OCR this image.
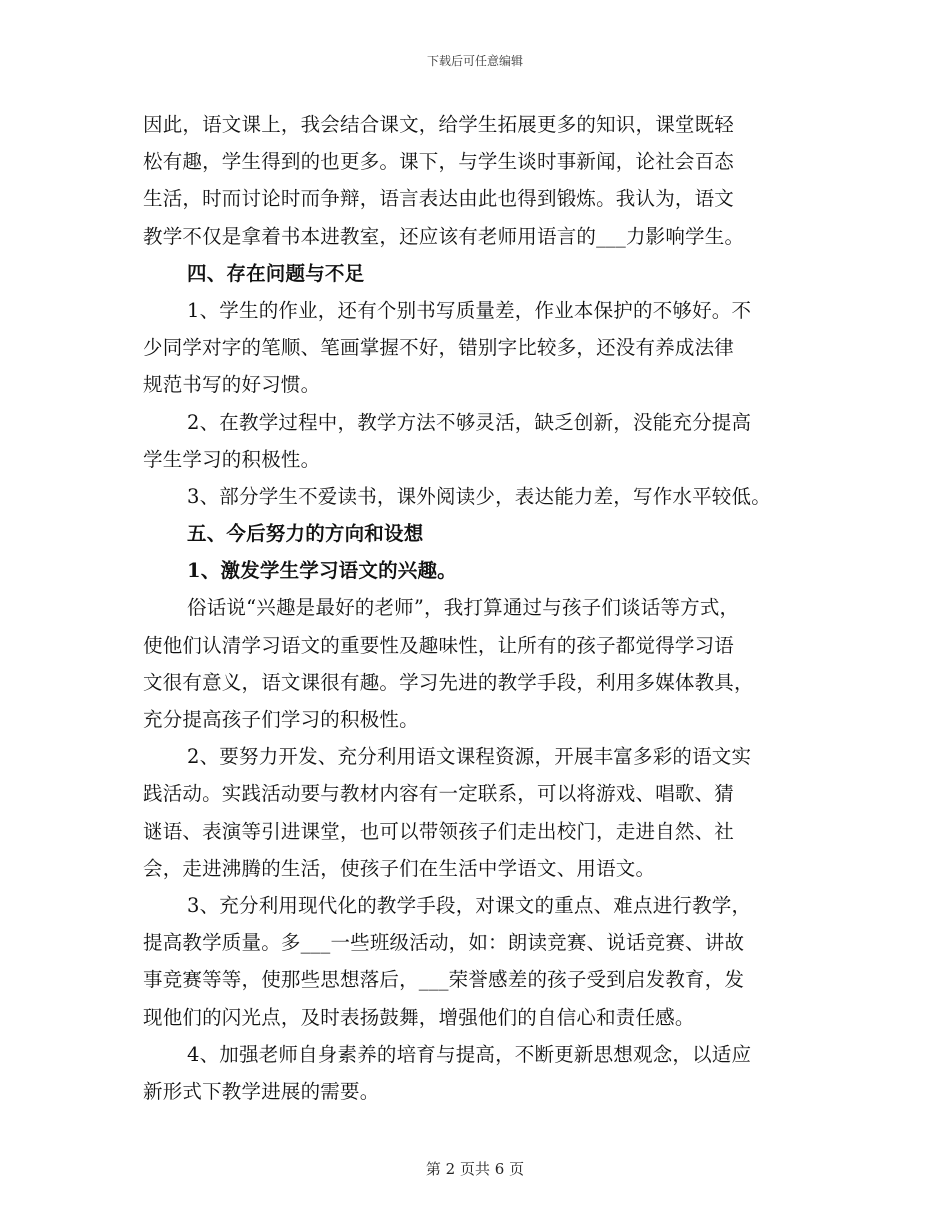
下载后可任意编辑
因此，语文课上，我会结合课文，给学生拓展更多的知识，课堂既轻
松有趣，学生得到的也更多。课下，与学生谈时事新闻，论社会百态
生活，时而讨论时而争辩，语言表达由此也得到锻炼。我认为，语文
教学不仅是拿着书本进教室，还应该有老师用语言的___力影响学生。
四、存在问题与不足
1、学生的作业，还有个别书写质量差，作业本保护的不够好。不
少同学对字的笔顺、笔画掌握不好，错别字比较多，还没有养成法律
规范书写的好习惯。
2、在教学过程中，教学方法不够灵活，缺乏创新，没能充分提高
学生学习的积极性。
3、部分学生不爱读书，课外阅读少，表达能力差，写作水平较低。
五、今后努力的方向和设想
1、激发学生学习语文的兴趣。
俗话说“兴趣是最好的老师”，我打算通过与孩子们谈话等方式，
使他们认清学习语文的重要性及趣味性，让所有的孩子都觉得学习语
文很有意义，语文课很有趣。学习先进的教学手段，利用多媒体教具，
充分提高孩子们学习的积极性。
2、要努力开发、充分利用语文课程资源，开展丰富多彩的语文实
践活动。实践活动要与教材内容有一定联系，可以将游戏、唱歌、猜
谜语、表演等引进课堂，也可以带领孩子们走出校门，走进自然、社
会，走进沸腾的生活，使孩子们在生活中学语文、用语文。
3、充分利用现代化的教学手段，对课文的重点、难点进行教学，
提高教学质量。多___一些班级活动，如：朗读竞赛、说话竞赛、讲故
事竞赛等等，使那些思想落后，___荣誉感差的孩子受到启发教育，发
现他们的闪光点，及时表扬鼓舞，增强他们的自信心和责任感。
4、加强老师自身素养的培育与提高，不断更新思想观念，以适应
新形式下教学进展的需要。
第 2 页共 6 页
